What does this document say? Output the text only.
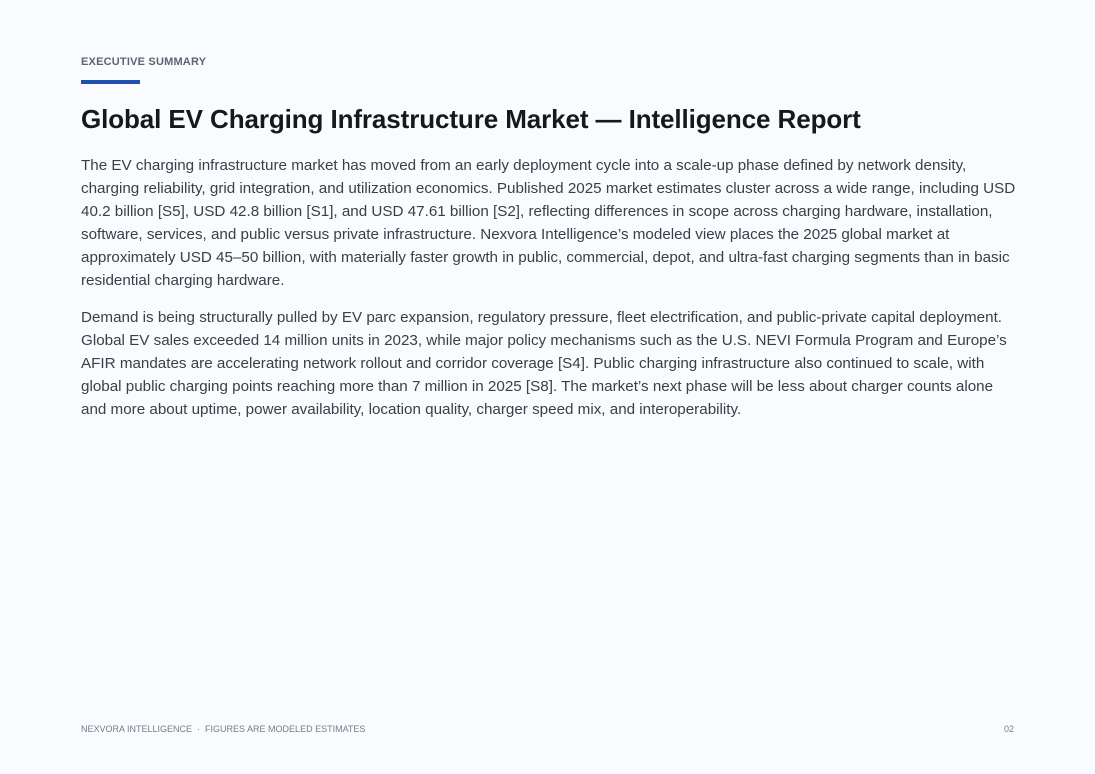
EXECUTIVE SUMMARY
Global EV Charging Infrastructure Market — Intelligence Report

The EV charging infrastructure market has moved from an early deployment cycle into a scale-up phase defined by network density, charging reliability, grid integration, and utilization economics. Published 2025 market estimates cluster across a wide range, including USD 40.2 billion [S5], USD 42.8 billion [S1], and USD 47.61 billion [S2], reflecting differences in scope across charging hardware, installation, software, services, and public versus private infrastructure. Nexvora Intelligence’s modeled view places the 2025 global market at approximately USD 45–50 billion, with materially faster growth in public, commercial, depot, and ultra-fast charging segments than in basic residential charging hardware.

Demand is being structurally pulled by EV parc expansion, regulatory pressure, fleet electrification, and public-private capital deployment. Global EV sales exceeded 14 million units in 2023, while major policy mechanisms such as the U.S. NEVI Formula Program and Europe’s AFIR mandates are accelerating network rollout and corridor coverage [S4]. Public charging infrastructure also continued to scale, with global public charging points reaching more than 7 million in 2025 [S8]. The market’s next phase will be less about charger counts alone and more about uptime, power availability, location quality, charger speed mix, and interoperability.

NEXVORA INTELLIGENCE · FIGURES ARE MODELED ESTIMATES	02
